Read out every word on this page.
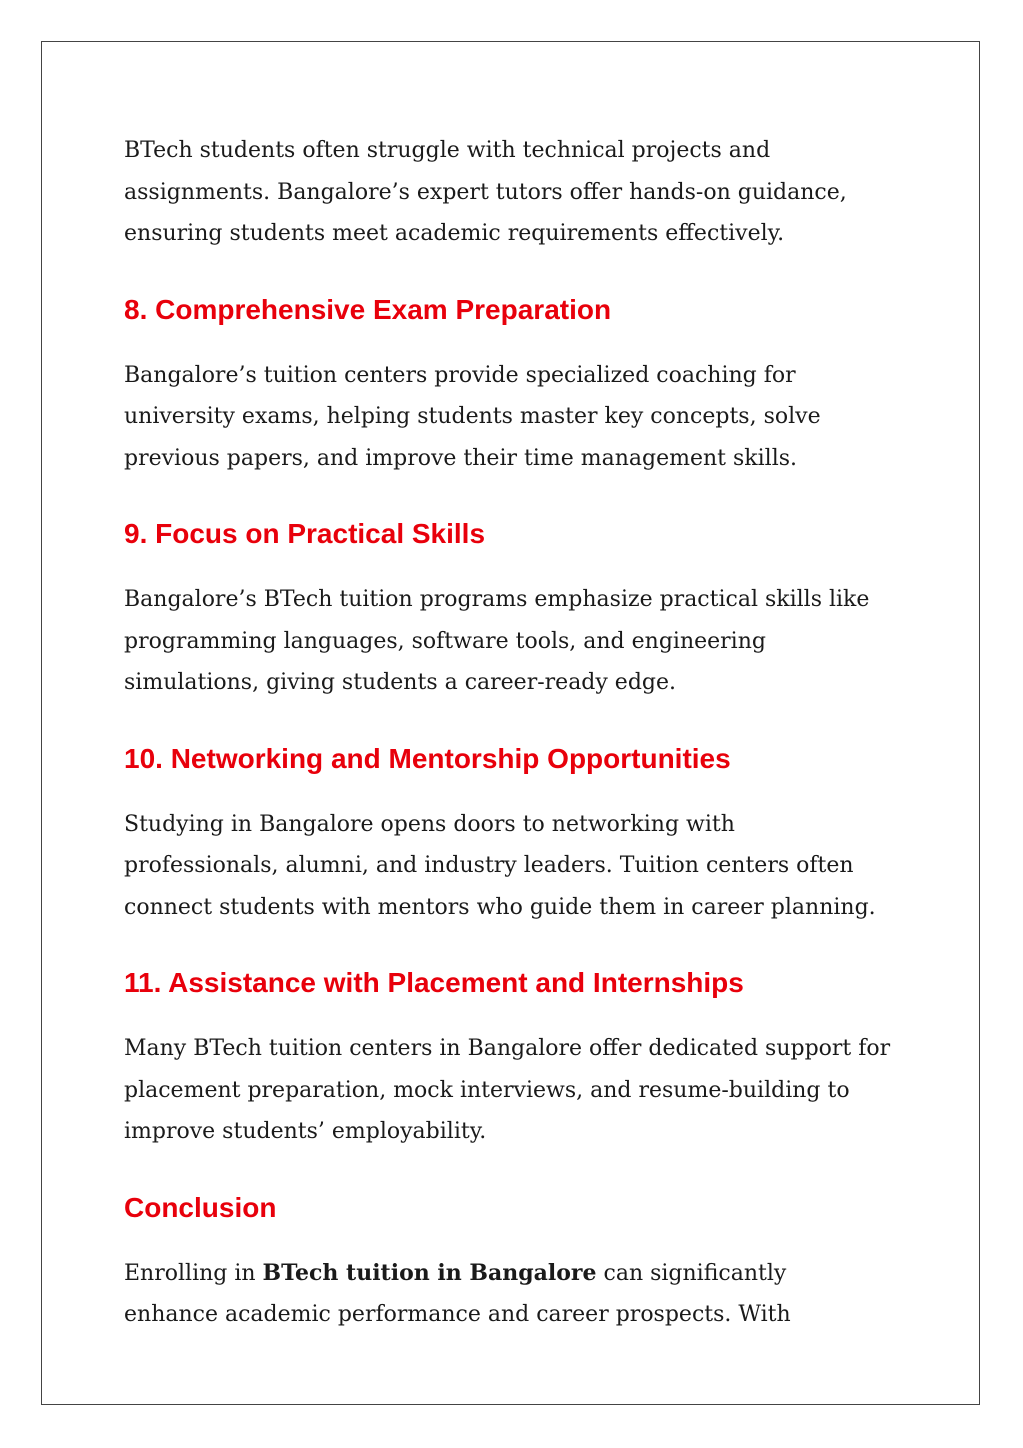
BTech students often struggle with technical projects and
assignments. Bangalore’s expert tutors offer hands-on guidance,
ensuring students meet academic requirements effectively.

8. Comprehensive Exam Preparation

Bangalore’s tuition centers provide specialized coaching for
university exams, helping students master key concepts, solve
previous papers, and improve their time management skills.

9. Focus on Practical Skills

Bangalore’s BTech tuition programs emphasize practical skills like
programming languages, software tools, and engineering
simulations, giving students a career-ready edge.

10. Networking and Mentorship Opportunities

Studying in Bangalore opens doors to networking with
professionals, alumni, and industry leaders. Tuition centers often
connect students with mentors who guide them in career planning.

11. Assistance with Placement and Internships

Many BTech tuition centers in Bangalore offer dedicated support for
placement preparation, mock interviews, and resume-building to
improve students’ employability.

Conclusion

Enrolling in BTech tuition in Bangalore can significantly
enhance academic performance and career prospects. With
